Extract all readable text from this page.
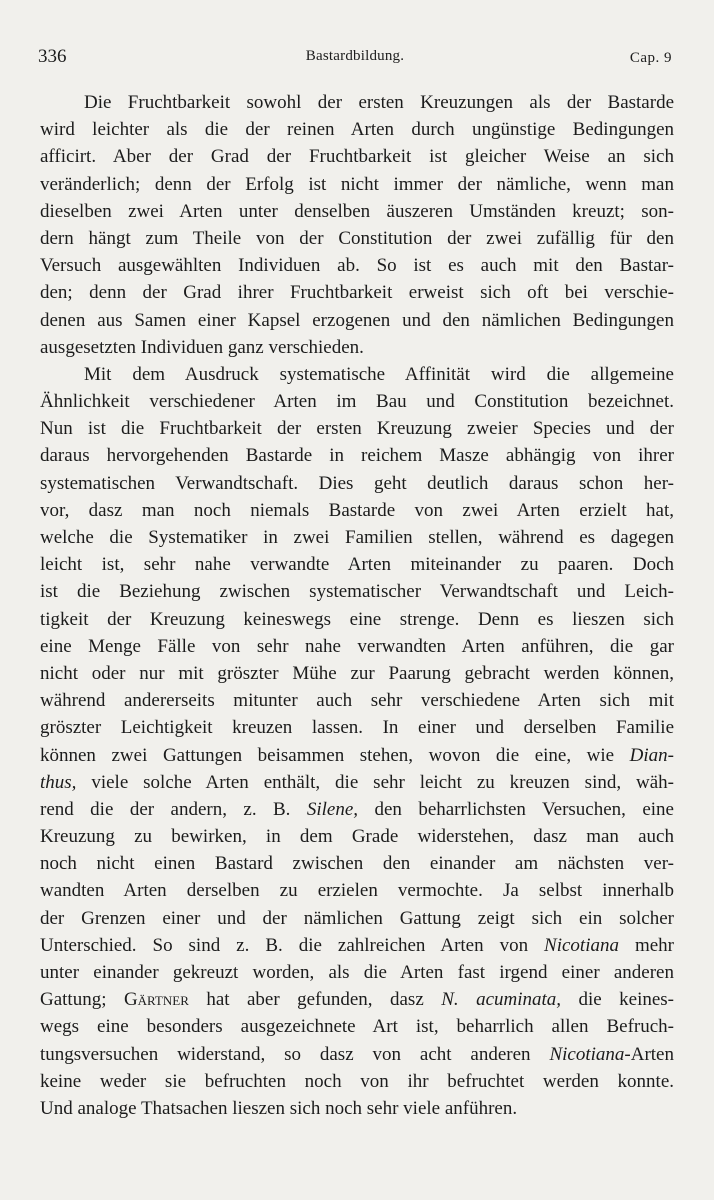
336	Bastardbildung.	Cap. 9
Die Fruchtbarkeit sowohl der ersten Kreuzungen als der Bastarde
wird leichter als die der reinen Arten durch ungünstige Bedingungen
afficirt. Aber der Grad der Fruchtbarkeit ist gleicher Weise an sich
veränderlich; denn der Erfolg ist nicht immer der nämliche, wenn man
dieselben zwei Arten unter denselben äuszeren Umständen kreuzt; son-
dern hängt zum Theile von der Constitution der zwei zufällig für den
Versuch ausgewählten Individuen ab. So ist es auch mit den Bastar-
den; denn der Grad ihrer Fruchtbarkeit erweist sich oft bei verschie-
denen aus Samen einer Kapsel erzogenen und den nämlichen Bedingungen
ausgesetzten Individuen ganz verschieden.
Mit dem Ausdruck systematische Affinität wird die allgemeine
Ähnlichkeit verschiedener Arten im Bau und Constitution bezeichnet.
Nun ist die Fruchtbarkeit der ersten Kreuzung zweier Species und der
daraus hervorgehenden Bastarde in reichem Masze abhängig von ihrer
systematischen Verwandtschaft. Dies geht deutlich daraus schon her-
vor, dasz man noch niemals Bastarde von zwei Arten erzielt hat,
welche die Systematiker in zwei Familien stellen, während es dagegen
leicht ist, sehr nahe verwandte Arten miteinander zu paaren. Doch
ist die Beziehung zwischen systematischer Verwandtschaft und Leich-
tigkeit der Kreuzung keineswegs eine strenge. Denn es lieszen sich
eine Menge Fälle von sehr nahe verwandten Arten anführen, die gar
nicht oder nur mit gröszter Mühe zur Paarung gebracht werden können,
während andererseits mitunter auch sehr verschiedene Arten sich mit
gröszter Leichtigkeit kreuzen lassen. In einer und derselben Familie
können zwei Gattungen beisammen stehen, wovon die eine, wie Dian-
thus, viele solche Arten enthält, die sehr leicht zu kreuzen sind, wäh-
rend die der andern, z. B. Silene, den beharrlichsten Versuchen, eine
Kreuzung zu bewirken, in dem Grade widerstehen, dasz man auch
noch nicht einen Bastard zwischen den einander am nächsten ver-
wandten Arten derselben zu erzielen vermochte. Ja selbst innerhalb
der Grenzen einer und der nämlichen Gattung zeigt sich ein solcher
Unterschied. So sind z. B. die zahlreichen Arten von Nicotiana mehr
unter einander gekreuzt worden, als die Arten fast irgend einer anderen
Gattung; Gärtner hat aber gefunden, dasz N. acuminata, die keines-
wegs eine besonders ausgezeichnete Art ist, beharrlich allen Befruch-
tungsversuchen widerstand, so dasz von acht anderen Nicotiana-Arten
keine weder sie befruchten noch von ihr befruchtet werden konnte.
Und analoge Thatsachen lieszen sich noch sehr viele anführen.
